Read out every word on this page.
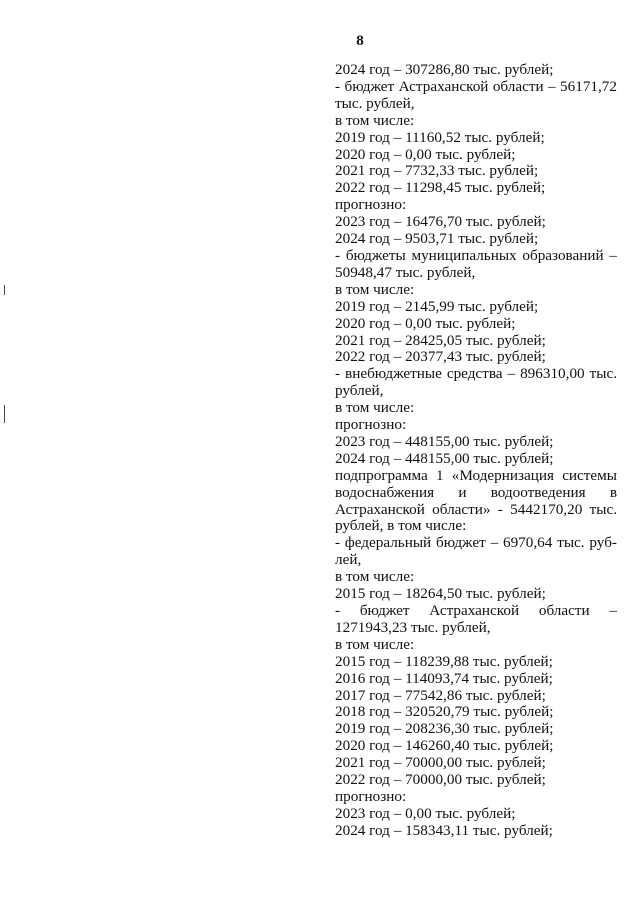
8

2024 год – 307286,80 тыс. рублей;

- бюджет Астраханской области – 56171,72 тыс. рублей,

в том числе:

2019 год – 11160,52 тыс. рублей;

2020 год – 0,00 тыс. рублей;

2021 год – 7732,33 тыс. рублей;

2022 год – 11298,45 тыс. рублей;

прогнозно:

2023 год – 16476,70 тыс. рублей;

2024 год – 9503,71 тыс. рублей;

- бюджеты муниципальных образований – 50948,47 тыс. рублей,

в том числе:

2019 год – 2145,99 тыс. рублей;

2020 год – 0,00 тыс. рублей;

2021 год – 28425,05 тыс. рублей;

2022 год – 20377,43 тыс. рублей;

- внебюджетные средства – 896310,00 тыс. рублей,

в том числе:

прогнозно:

2023 год – 448155,00 тыс. рублей;

2024 год – 448155,00 тыс. рублей;

подпрограмма 1 «Модернизация системы водоснабжения и водоотведения в Астраханской области» - 5442170,20 тыс. рублей, в том числе:

- федеральный бюджет – 6970,64 тыс. руб-лей,

в том числе:

2015 год – 18264,50 тыс. рублей;

- бюджет Астраханской области – 1271943,23 тыс. рублей,

в том числе:

2015 год – 118239,88 тыс. рублей;

2016 год – 114093,74 тыс. рублей;

2017 год – 77542,86 тыс. рублей;

2018 год – 320520,79 тыс. рублей;

2019 год – 208236,30 тыс. рублей;

2020 год – 146260,40 тыс. рублей;

2021 год – 70000,00 тыс. рублей;

2022 год – 70000,00 тыс. рублей;

прогнозно:

2023 год – 0,00 тыс. рублей;

2024 год – 158343,11 тыс. рублей;
